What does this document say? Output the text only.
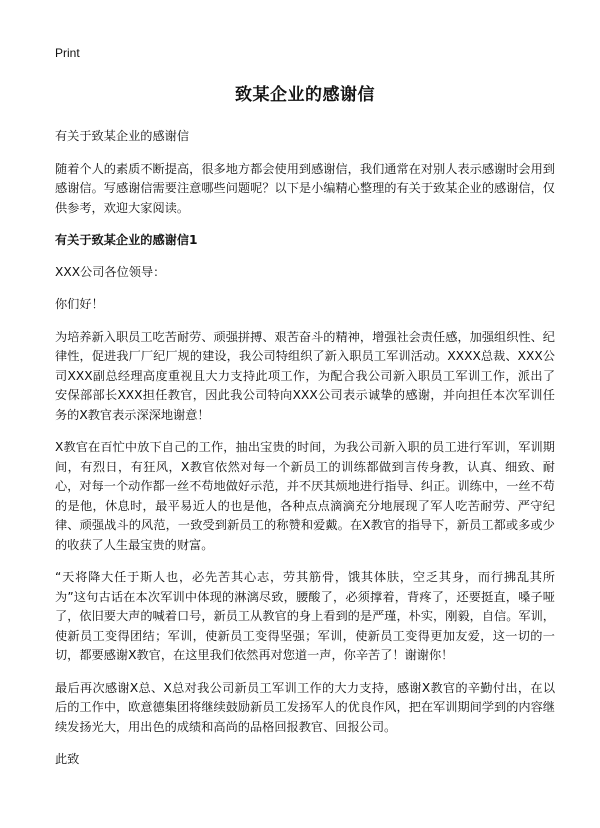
Print
致某企业的感谢信

有关于致某企业的感谢信

随着个人的素质不断提高，很多地方都会使用到感谢信，我们通常在对别人表示感谢时会用到感谢信。写感谢信需要注意哪些问题呢？以下是小编精心整理的有关于致某企业的感谢信，仅供参考，欢迎大家阅读。

有关于致某企业的感谢信1

XXX公司各位领导：

你们好！

为培养新入职员工吃苦耐劳、顽强拼搏、艰苦奋斗的精神，增强社会责任感，加强组织性、纪律性，促进我厂厂纪厂规的建设，我公司特组织了新入职员工军训活动。XXXX总裁、XXX公司XXX副总经理高度重视且大力支持此项工作，为配合我公司新入职员工军训工作，派出了安保部部长XXX担任教官，因此我公司特向XXX公司表示诚挚的感谢，并向担任本次军训任务的X教官表示深深地谢意！

X教官在百忙中放下自己的工作，抽出宝贵的时间，为我公司新入职的员工进行军训，军训期间，有烈日，有狂风，X教官依然对每一个新员工的训练都做到言传身教，认真、细致、耐心，对每一个动作都一丝不苟地做好示范，并不厌其烦地进行指导、纠正。训练中，一丝不苟的是他，休息时，最平易近人的也是他，各种点点滴滴充分地展现了军人吃苦耐劳、严守纪律、顽强战斗的风范，一致受到新员工的称赞和爱戴。在X教官的指导下，新员工都或多或少的收获了人生最宝贵的财富。

“天将降大任于斯人也，必先苦其心志，劳其筋骨，饿其体肤，空乏其身，而行拂乱其所为”这句古话在本次军训中体现的淋漓尽致，腰酸了，必须撑着，背疼了，还要挺直，嗓子哑了，依旧要大声的喊着口号，新员工从教官的身上看到的是严瑾，朴实，刚毅，自信。军训，使新员工变得团结；军训，使新员工变得坚强；军训，使新员工变得更加友爱，这一切的一切，都要感谢X教官，在这里我们依然再对您道一声，你辛苦了！谢谢你！

最后再次感谢X总、X总对我公司新员工军训工作的大力支持，感谢X教官的辛勤付出，在以后的工作中，欧意德集团将继续鼓励新员工发扬军人的优良作风，把在军训期间学到的内容继续发扬光大，用出色的成绩和高尚的品格回报教官、回报公司。

此致
